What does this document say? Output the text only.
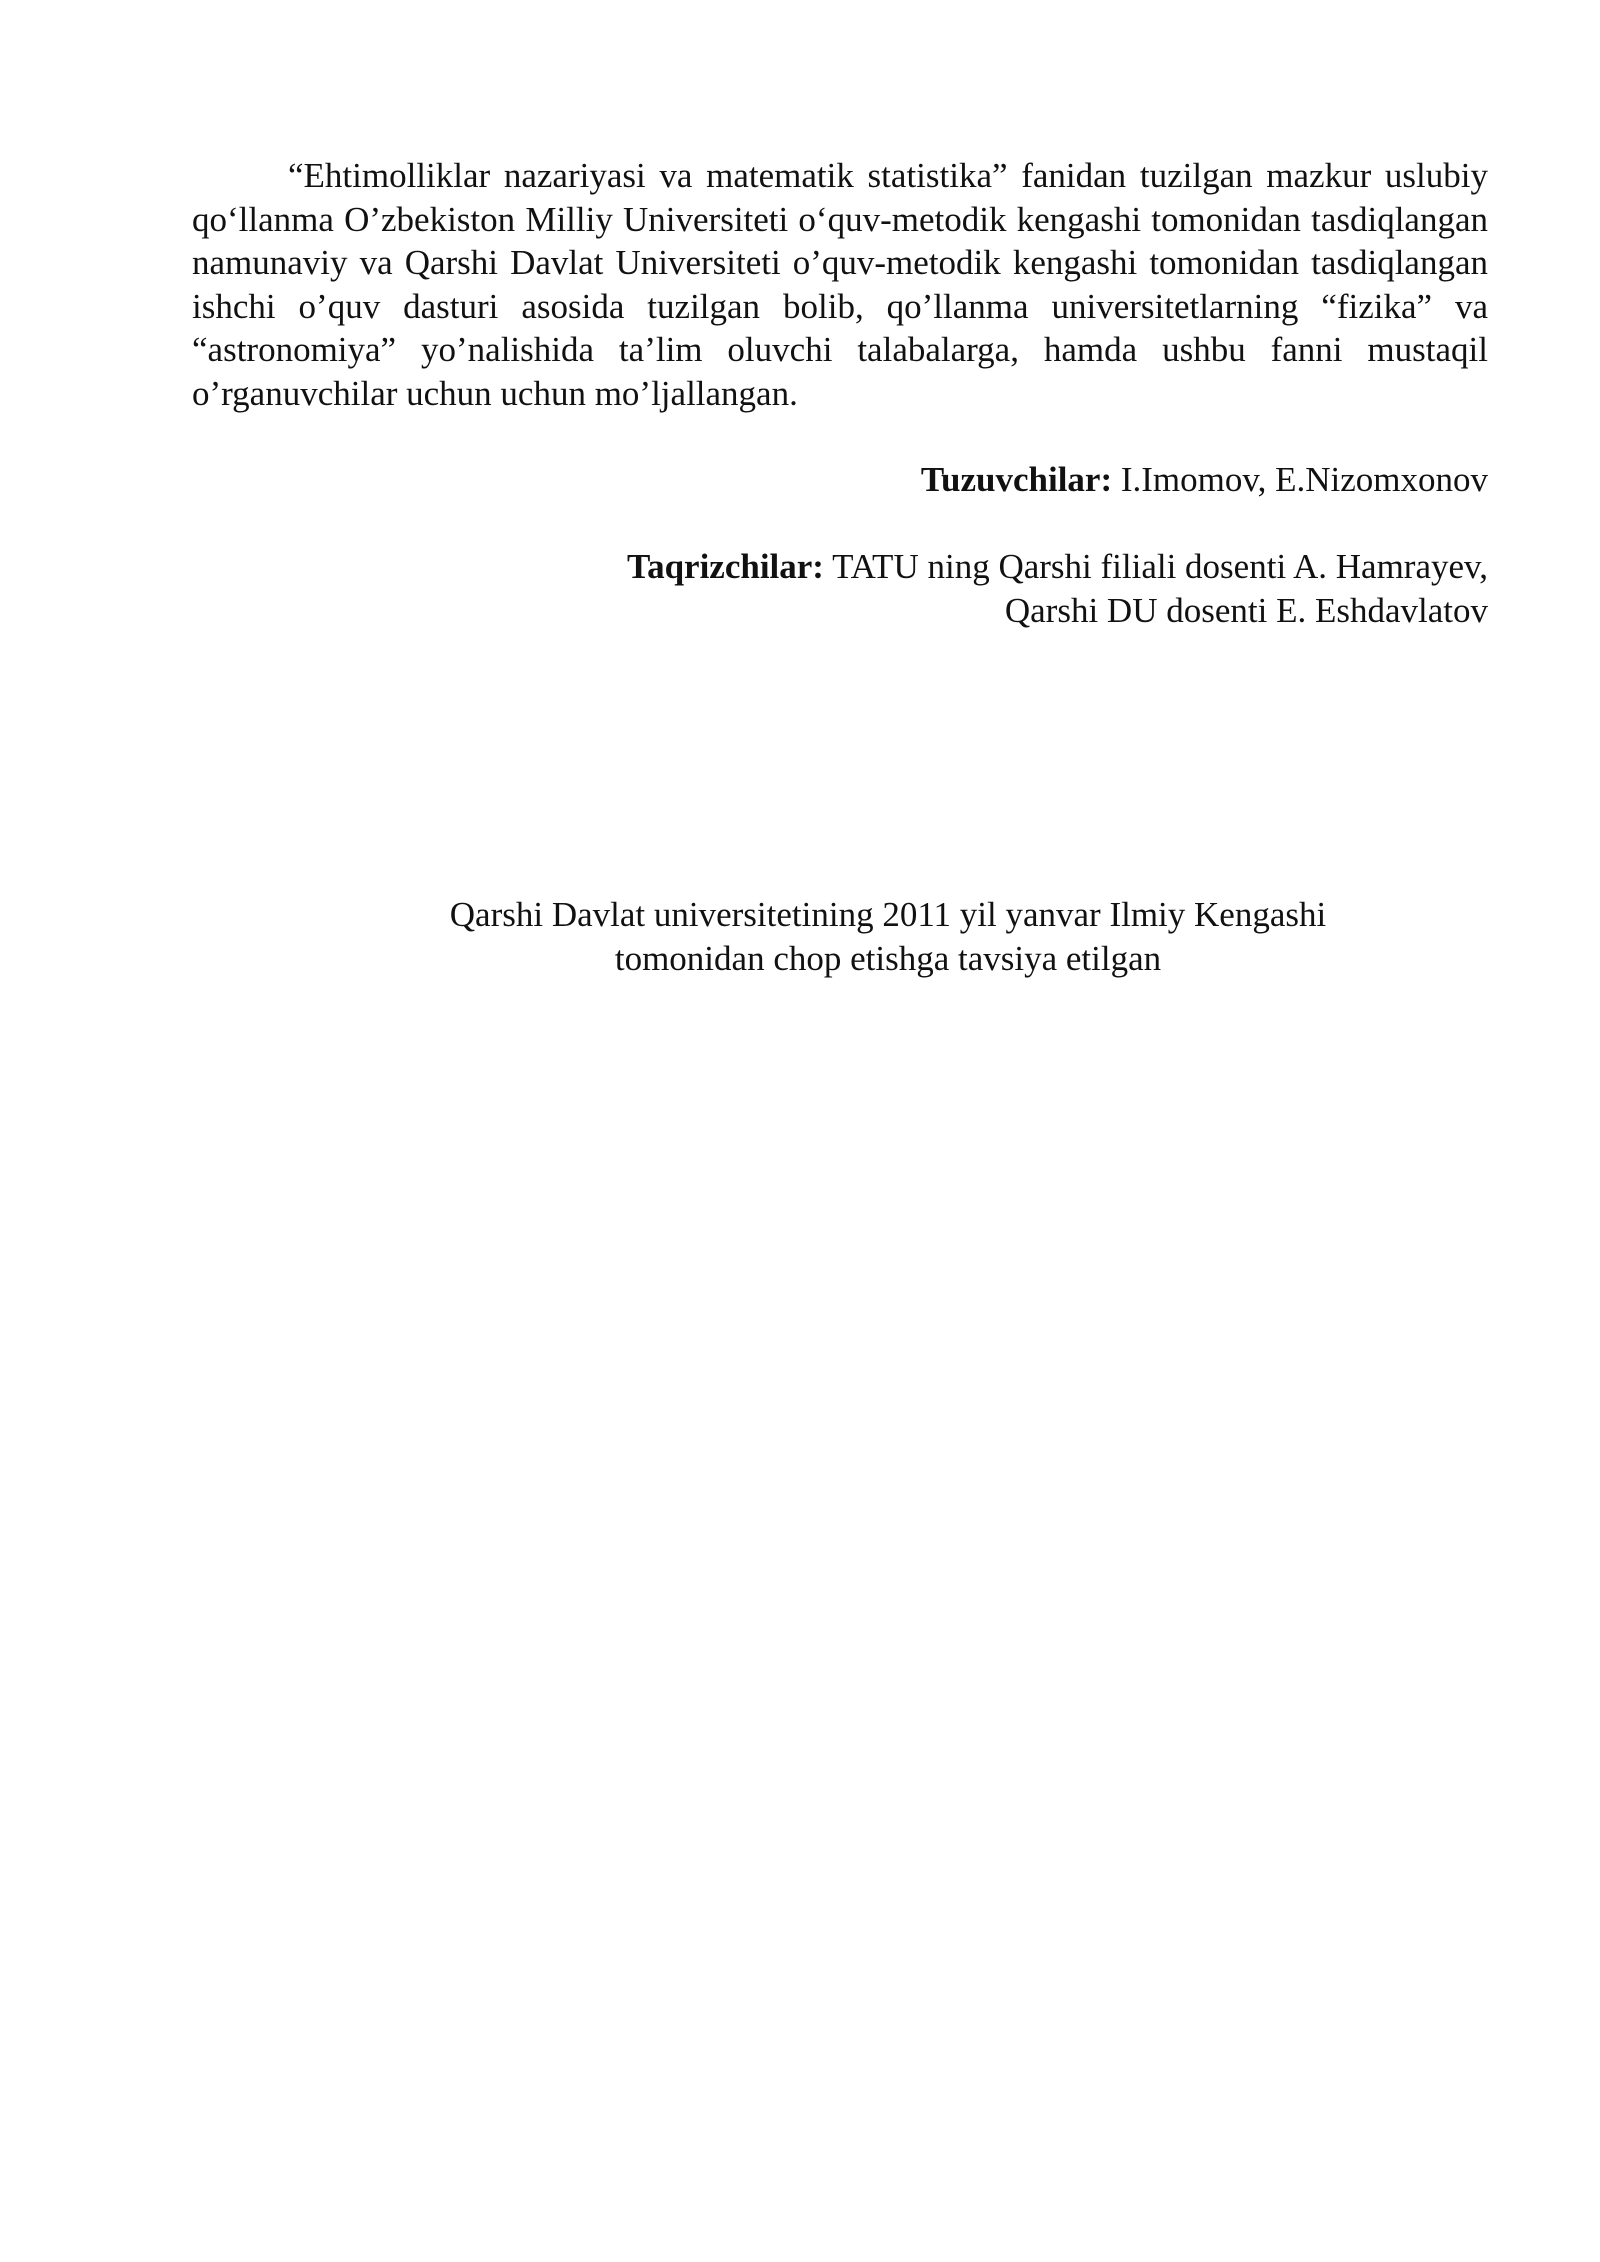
“Ehtimolliklar nazariyasi va matematik statistika” fanidan tuzilgan mazkur uslubiy qo‘llanma O’zbekiston Milliy Universiteti o‘quv-metodik kengashi tomonidan tasdiqlangan namunaviy va Qarshi Davlat Universiteti o’quv-metodik kengashi tomonidan tasdiqlangan ishchi o’quv dasturi asosida tuzilgan bolib, qo’llanma universitetlarning “fizika” va “astronomiya” yo’nalishida ta’lim oluvchi talabalarga, hamda ushbu fanni mustaqil o’rganuvchilar uchun uchun mo’ljallangan.

Tuzuvchilar: I.Imomov, E.Nizomxonov

Taqrizchilar: TATU ning Qarshi filiali dosenti A. Hamrayev,
Qarshi DU dosenti E. Eshdavlatov

Qarshi Davlat universitetining 2011 yil yanvar Ilmiy Kengashi
tomonidan chop etishga tavsiya etilgan
